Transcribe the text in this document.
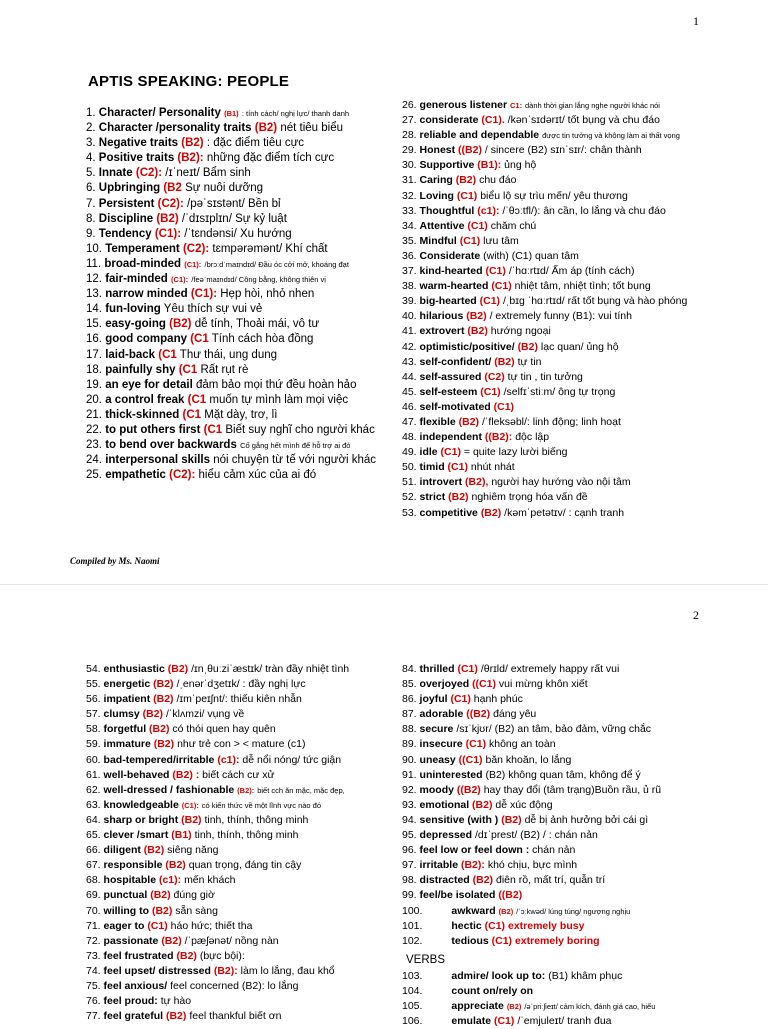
1
APTIS SPEAKING: PEOPLE
1. Character/ Personality (B1) : tính cách/ nghị lực/ thanh danh
2. Character /personality traits (B2) nét tiêu biểu
3. Negative traits (B2) : đặc điểm tiêu cực
4. Positive traits (B2): những đặc điểm tích cực
5. Innate (C2): /ɪˈneɪt/ Bẩm sinh
6. Upbringing (B2 Sự nuôi dưỡng
7. Persistent (C2): /pəˈsɪstənt/ Bền bỉ
8. Discipline (B2) /ˈdɪsɪplɪn/ Sự kỷ luật
9. Tendency (C1): /ˈtɛndənsi/ Xu hướng
10. Temperament (C2): tɛmpərəmənt/ Khí chất
11. broad-minded (C1): /brɔːdˈmaɪndɪd/ Đầu óc cởi mở, khoáng đạt
12. fair-minded (C1): /feəˈmaɪndɪd/ Công bằng, không thiên vị
13. narrow minded (C1): Hẹp hòi, nhỏ nhen
14. fun-loving Yêu thích sự vui vẻ
15. easy-going (B2) dễ tính, Thoải mái, vô tư
16. good company (C1 Tính cách hòa đồng
17. laid-back (C1 Thư thái, ung dung
18. painfully shy (C1 Rất rụt rè
19. an eye for detail đảm bảo mọi thứ đều hoàn hảo
20. a control freak (C1 muốn tự mình làm mọi việc
21. thick-skinned (C1 Mặt dày, trơ, lì
22. to put others first (C1 Biết suy nghĩ cho người khác
23. to bend over backwards Cố gắng hết mình để hỗ trợ ai đó
24. interpersonal skills nói chuyện từ tế với người khác
25. empathetic (C2): hiểu cảm xúc của ai đó
26. generous listener C1: dành thời gian lắng nghe người khác nói
27. considerate (C1). /kənˈsɪdərɪt/ tốt bụng và chu đáo
28. reliable and dependable được tin tưởng và không làm ai thất vọng
29. Honest ((B2) / sincere (B2) sɪnˈsɪr/: chân thành
30. Supportive (B1): ủng hộ
31. Caring (B2) chu đáo
32. Loving (C1) biểu lộ sự trìu mến/ yêu thương
33. Thoughtful (c1): /ˈθɔːtfl/): ân cần, lo lắng và chu đáo
34. Attentive (C1) chăm chú
35. Mindful (C1) lưu tâm
36. Considerate (with) (C1) quan tâm
37. kind-hearted (C1) /ˈhɑːrtɪd/ Ấm áp (tính cách)
38. warm-hearted (C1) nhiệt tâm, nhiệt tình; tốt bụng
39. big-hearted (C1) /ˌbɪɡ ˈhɑːrtɪd/ rất tốt bụng và hào phóng
40. hilarious (B2) / extremely funny (B1): vui tính
41. extrovert (B2) hướng ngoại
42. optimistic/positive/ (B2) lạc quan/ ủng hộ
43. self-confident/ (B2) tự tin
44. self-assured (C2) tự tin , tin tưởng
45. self-esteem (C1) /selfɪˈstiːm/ ông tự trọng
46. self-motivated (C1)
47. flexible (B2) /ˈfleksəbl/: linh động; linh hoạt
48. independent ((B2): độc lập
49. idle (C1) = quite lazy lười biếng
50. timid (C1) nhút nhát
51. introvert (B2), người hay hướng vào nội tâm
52. strict (B2) nghiêm trọng hóa vấn đề
53. competitive (B2) /kəmˈpetətɪv/ : cạnh tranh
Compiled by Ms. Naomi
2
54. enthusiastic (B2) /ɪnˌθuːziˈæstɪk/ tràn đầy nhiệt tình
55. energetic (B2) /ˌenərˈdʒetɪk/ : đầy nghị lực
56. impatient (B2) /ɪmˈpeɪʃnt/: thiếu kiên nhẫn
57. clumsy (B2) /ˈklʌmzi/ vụng về
58. forgetful (B2) có thói quen hay quên
59. immature (B2) như trẻ con > < mature (c1)
60. bad-tempered/irritable (c1): dễ nổi nóng/ tức giận
61. well-behaved (B2) : biết cách cư xử
62. well-dressed / fashionable (B2): biết cch ăn mặc, mặc đẹp,
63. knowledgeable (C1): có kiến thức về một lĩnh vực nào đó
64. sharp or bright (B2) tinh, thính, thông minh
65. clever /smart (B1) tinh, thính, thông minh
66. diligent (B2) siêng năng
67. responsible (B2) quan trọng, đáng tin cậy
68. hospitable (c1): mến khách
69. punctual (B2) đúng giờ
70. willing to (B2) sẵn sàng
71. eager to (C1) háo hức; thiết tha
72. passionate (B2) /ˈpæʃənət/ nồng nàn
73. feel frustrated (B2) (bực bội):
74. feel upset/ distressed (B2): làm lo lắng, đau khổ
75. feel anxious/ feel concerned (B2): lo lắng
76. feel proud: tự hào
77. feel grateful (B2) feel thankful biết ơn
84. thrilled (C1) /θrɪld/ extremely happy rất vui
85. overjoyed ((C1) vui mừng khôn xiết
86. joyful (C1) hạnh phúc
87. adorable ((B2) đáng yêu
88. secure /sɪˈkjʊr/ (B2) an tâm, bảo đảm, vững chắc
89. insecure (C1) không an toàn
90. uneasy ((C1) băn khoăn, lo lắng
91. uninterested (B2) không quan tâm, không để ý
92. moody ((B2) hay thay đổi (tâm trạng)Buồn rầu, ủ rũ
93. emotional (B2) dễ xúc động
94. sensitive (with ) (B2) dễ bị ảnh hưởng bởi cái gì
95. depressed /dɪˈprest/ (B2) / : chán nản
96. feel low or feel down : chán nản
97. irritable (B2): khó chịu, bực mình
98. distracted (B2) điên rồ, mất trí, quẫn trí
99. feel/be isolated ((B2)
100.	awkward (B2) /ˈɔːkwəd/ lúng túng/ ngượng nghịu
101.	hectic (C1) extremely busy
102.	tedious (C1) extremely boring
VERBS
103.	admire/ look up to: (B1) khâm phục
104.	count on/rely on
105.	appreciate (B2) /əˈpriːʃieɪt/ cảm kích, đánh giá cao, hiểu
106.	emulate (C1) /ˈemjuleɪt/ tranh đua
